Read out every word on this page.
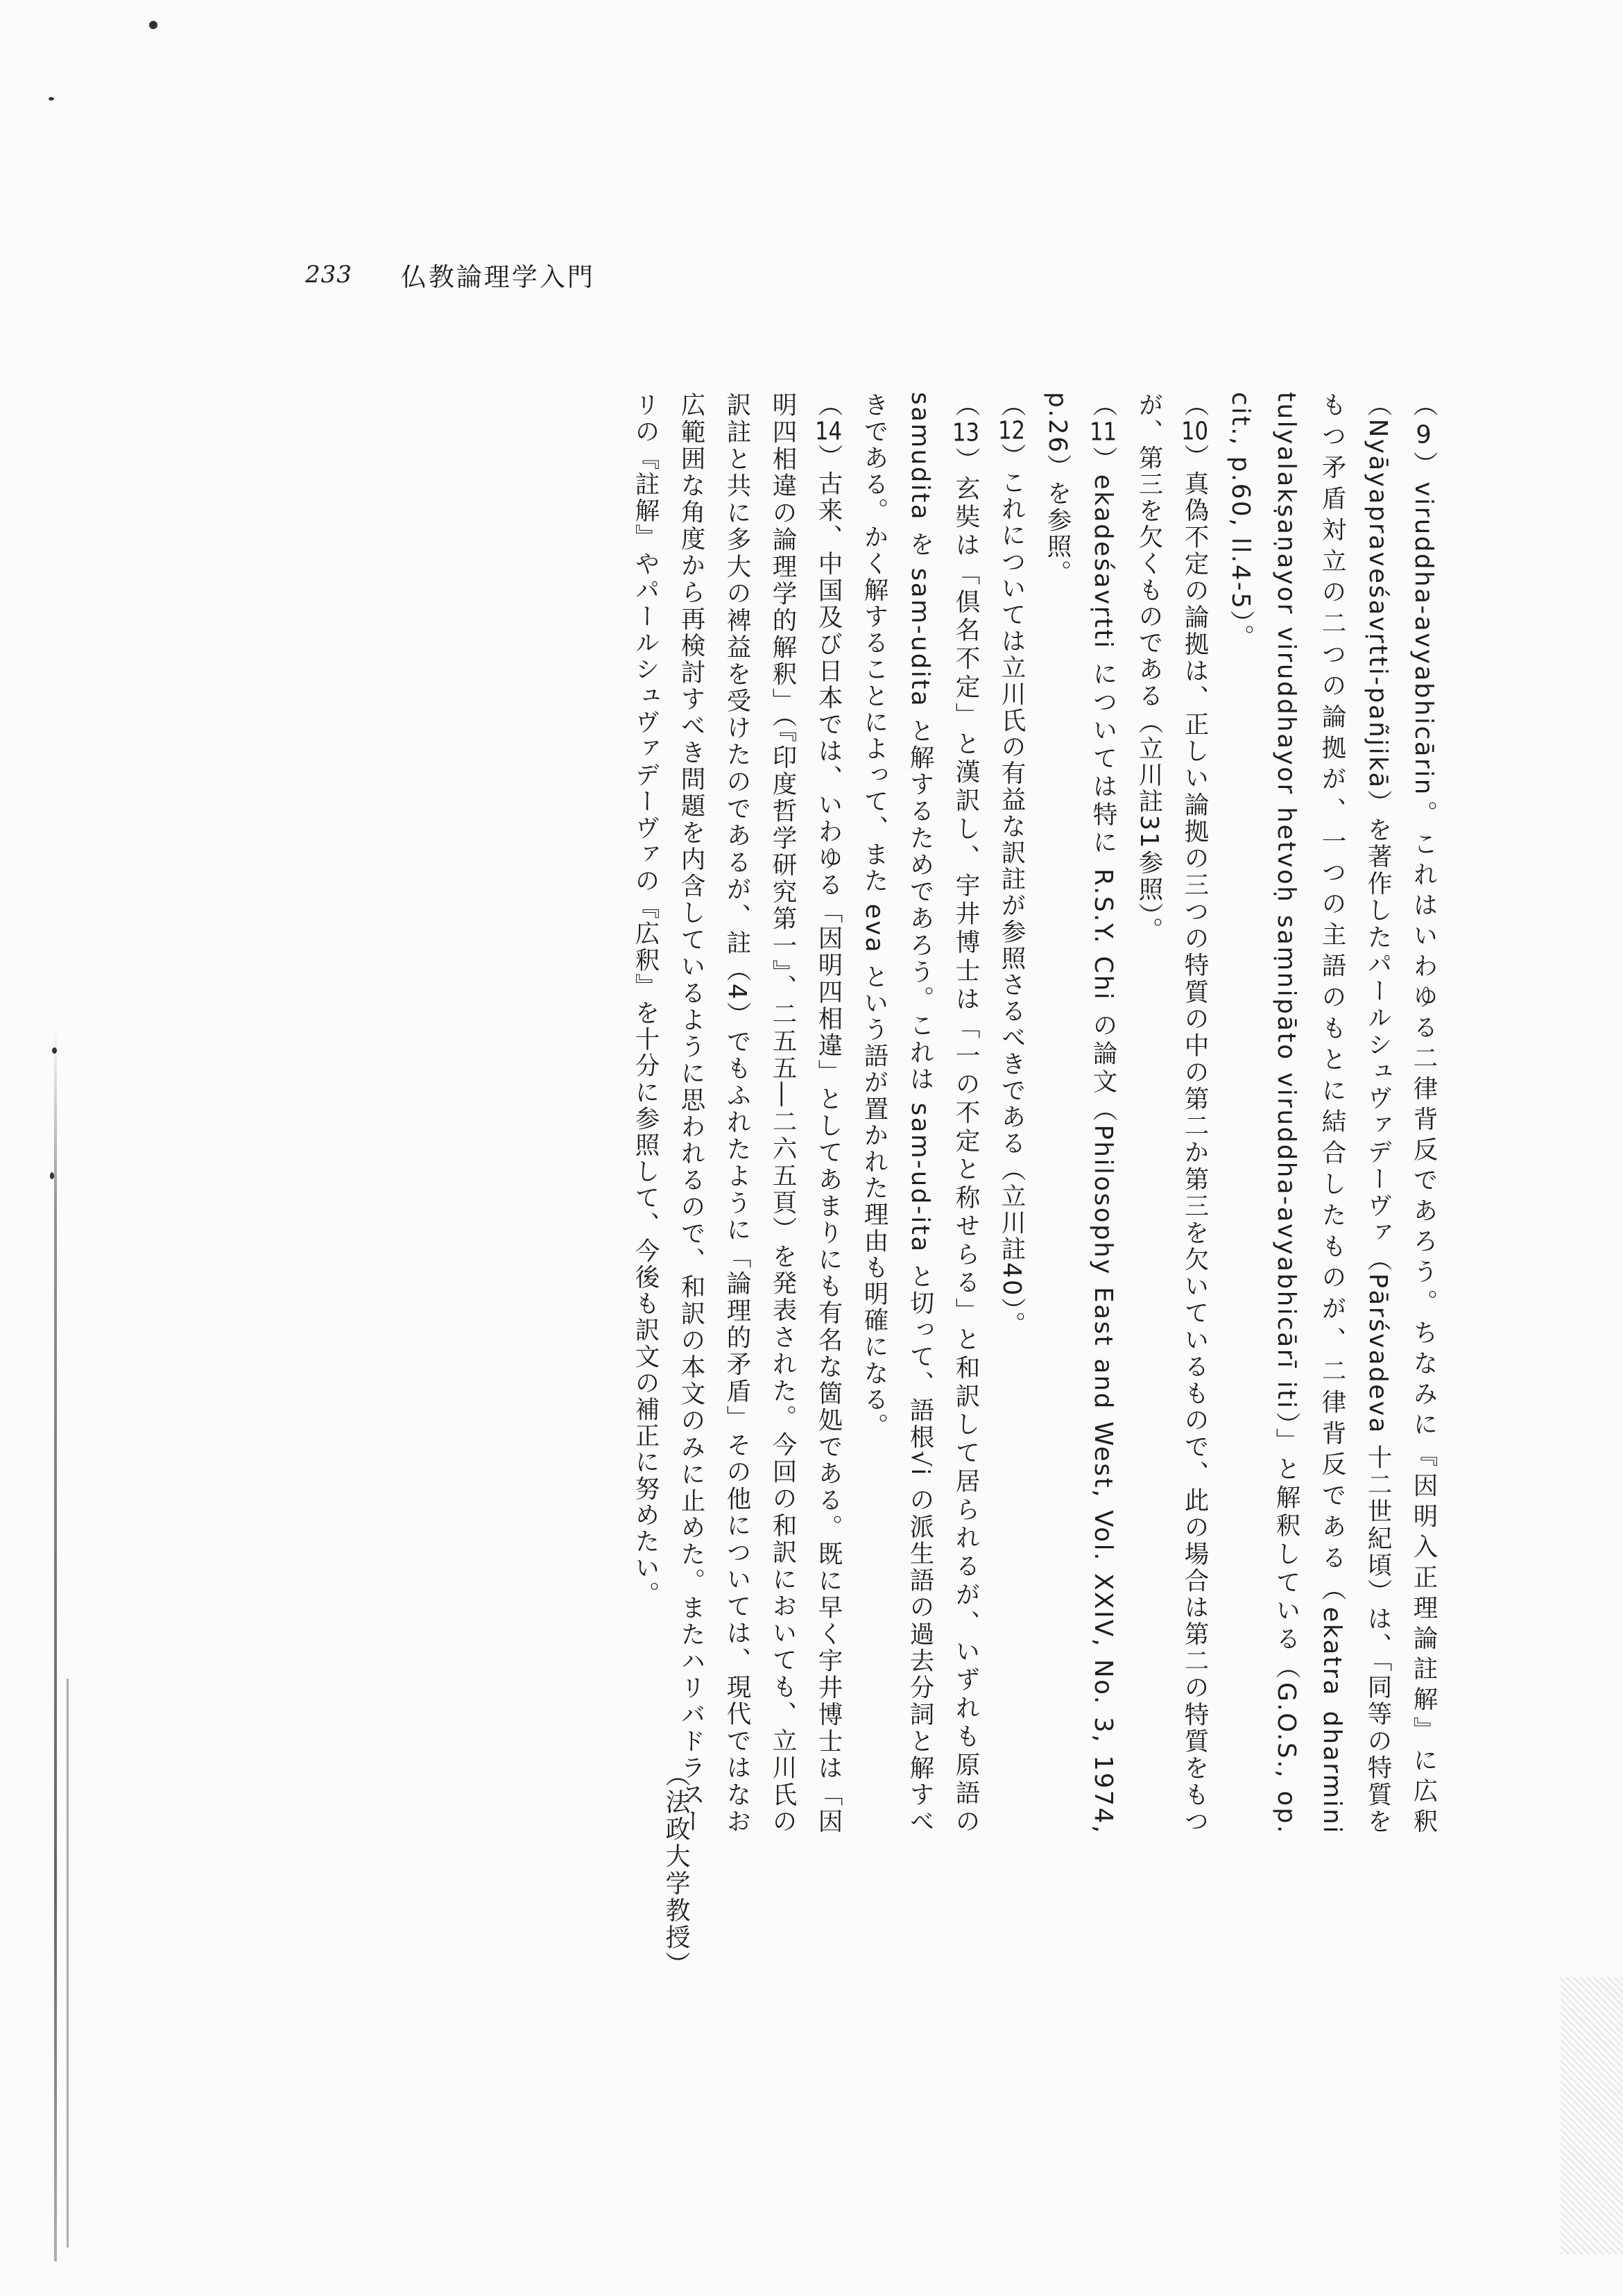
233 仏教論理学入門

（9）viruddha-avyabhicārin。これはいわゆる二律背反であろう。ちなみに『因明入正理論註解』に広釈（Nyāyapraveśavṛtti-pañjikā）を著作したパールシュヴァデーヴァ（Pārśvadeva 十二世紀頃）は、「同等の特質をもつ矛盾対立の二つの論拠が、一つの主語のもとに結合したものが、二律背反である（ekatra dharmini tulyalakṣaṇayor viruddhayor hetvoḥ saṃnipāto viruddha-avyabhicārī iti）」と解釈している（G.O.S., op. cit., p.60, ll.4-5）。

（10）真偽不定の論拠は、正しい論拠の三つの特質の中の第二か第三を欠いているもので、此の場合は第二の特質をもつが、第三を欠くものである（立川註31参照）。

（11）ekadeśavṛtti については特に R.S.Y. Chi の論文（Philosophy East and West, Vol. XXIV, No. 3, 1974, p.26）を参照。

（12）これについては立川氏の有益な訳註が参照さるべきである（立川註40）。

（13）玄奘は「倶名不定」と漢訳し、宇井博士は「一の不定と称せらる」と和訳して居られるが、いずれも原語の samudita を sam-udita と解するためであろう。これは sam-ud-ita と切って、語根√i の派生語の過去分詞と解すべきである。かく解することによって、また eva という語が置かれた理由も明確になる。

（14）古来、中国及び日本では、いわゆる「因明四相違」としてあまりにも有名な箇処である。既に早く宇井博士は「因明四相違の論理学的解釈」（『印度哲学研究第一』、二五五―二六五頁）を発表された。今回の和訳においても、立川氏の訳註と共に多大の裨益を受けたのであるが、註（4）でもふれたように「論理的矛盾」その他については、現代ではなお広範囲な角度から再検討すべき問題を内含しているように思われるので、和訳の本文のみに止めた。またハリバドラスーリの『註解』やパールシュヴァデーヴァの『広釈』を十分に参照して、今後も訳文の補正に努めたい。

（法政大学教授）
